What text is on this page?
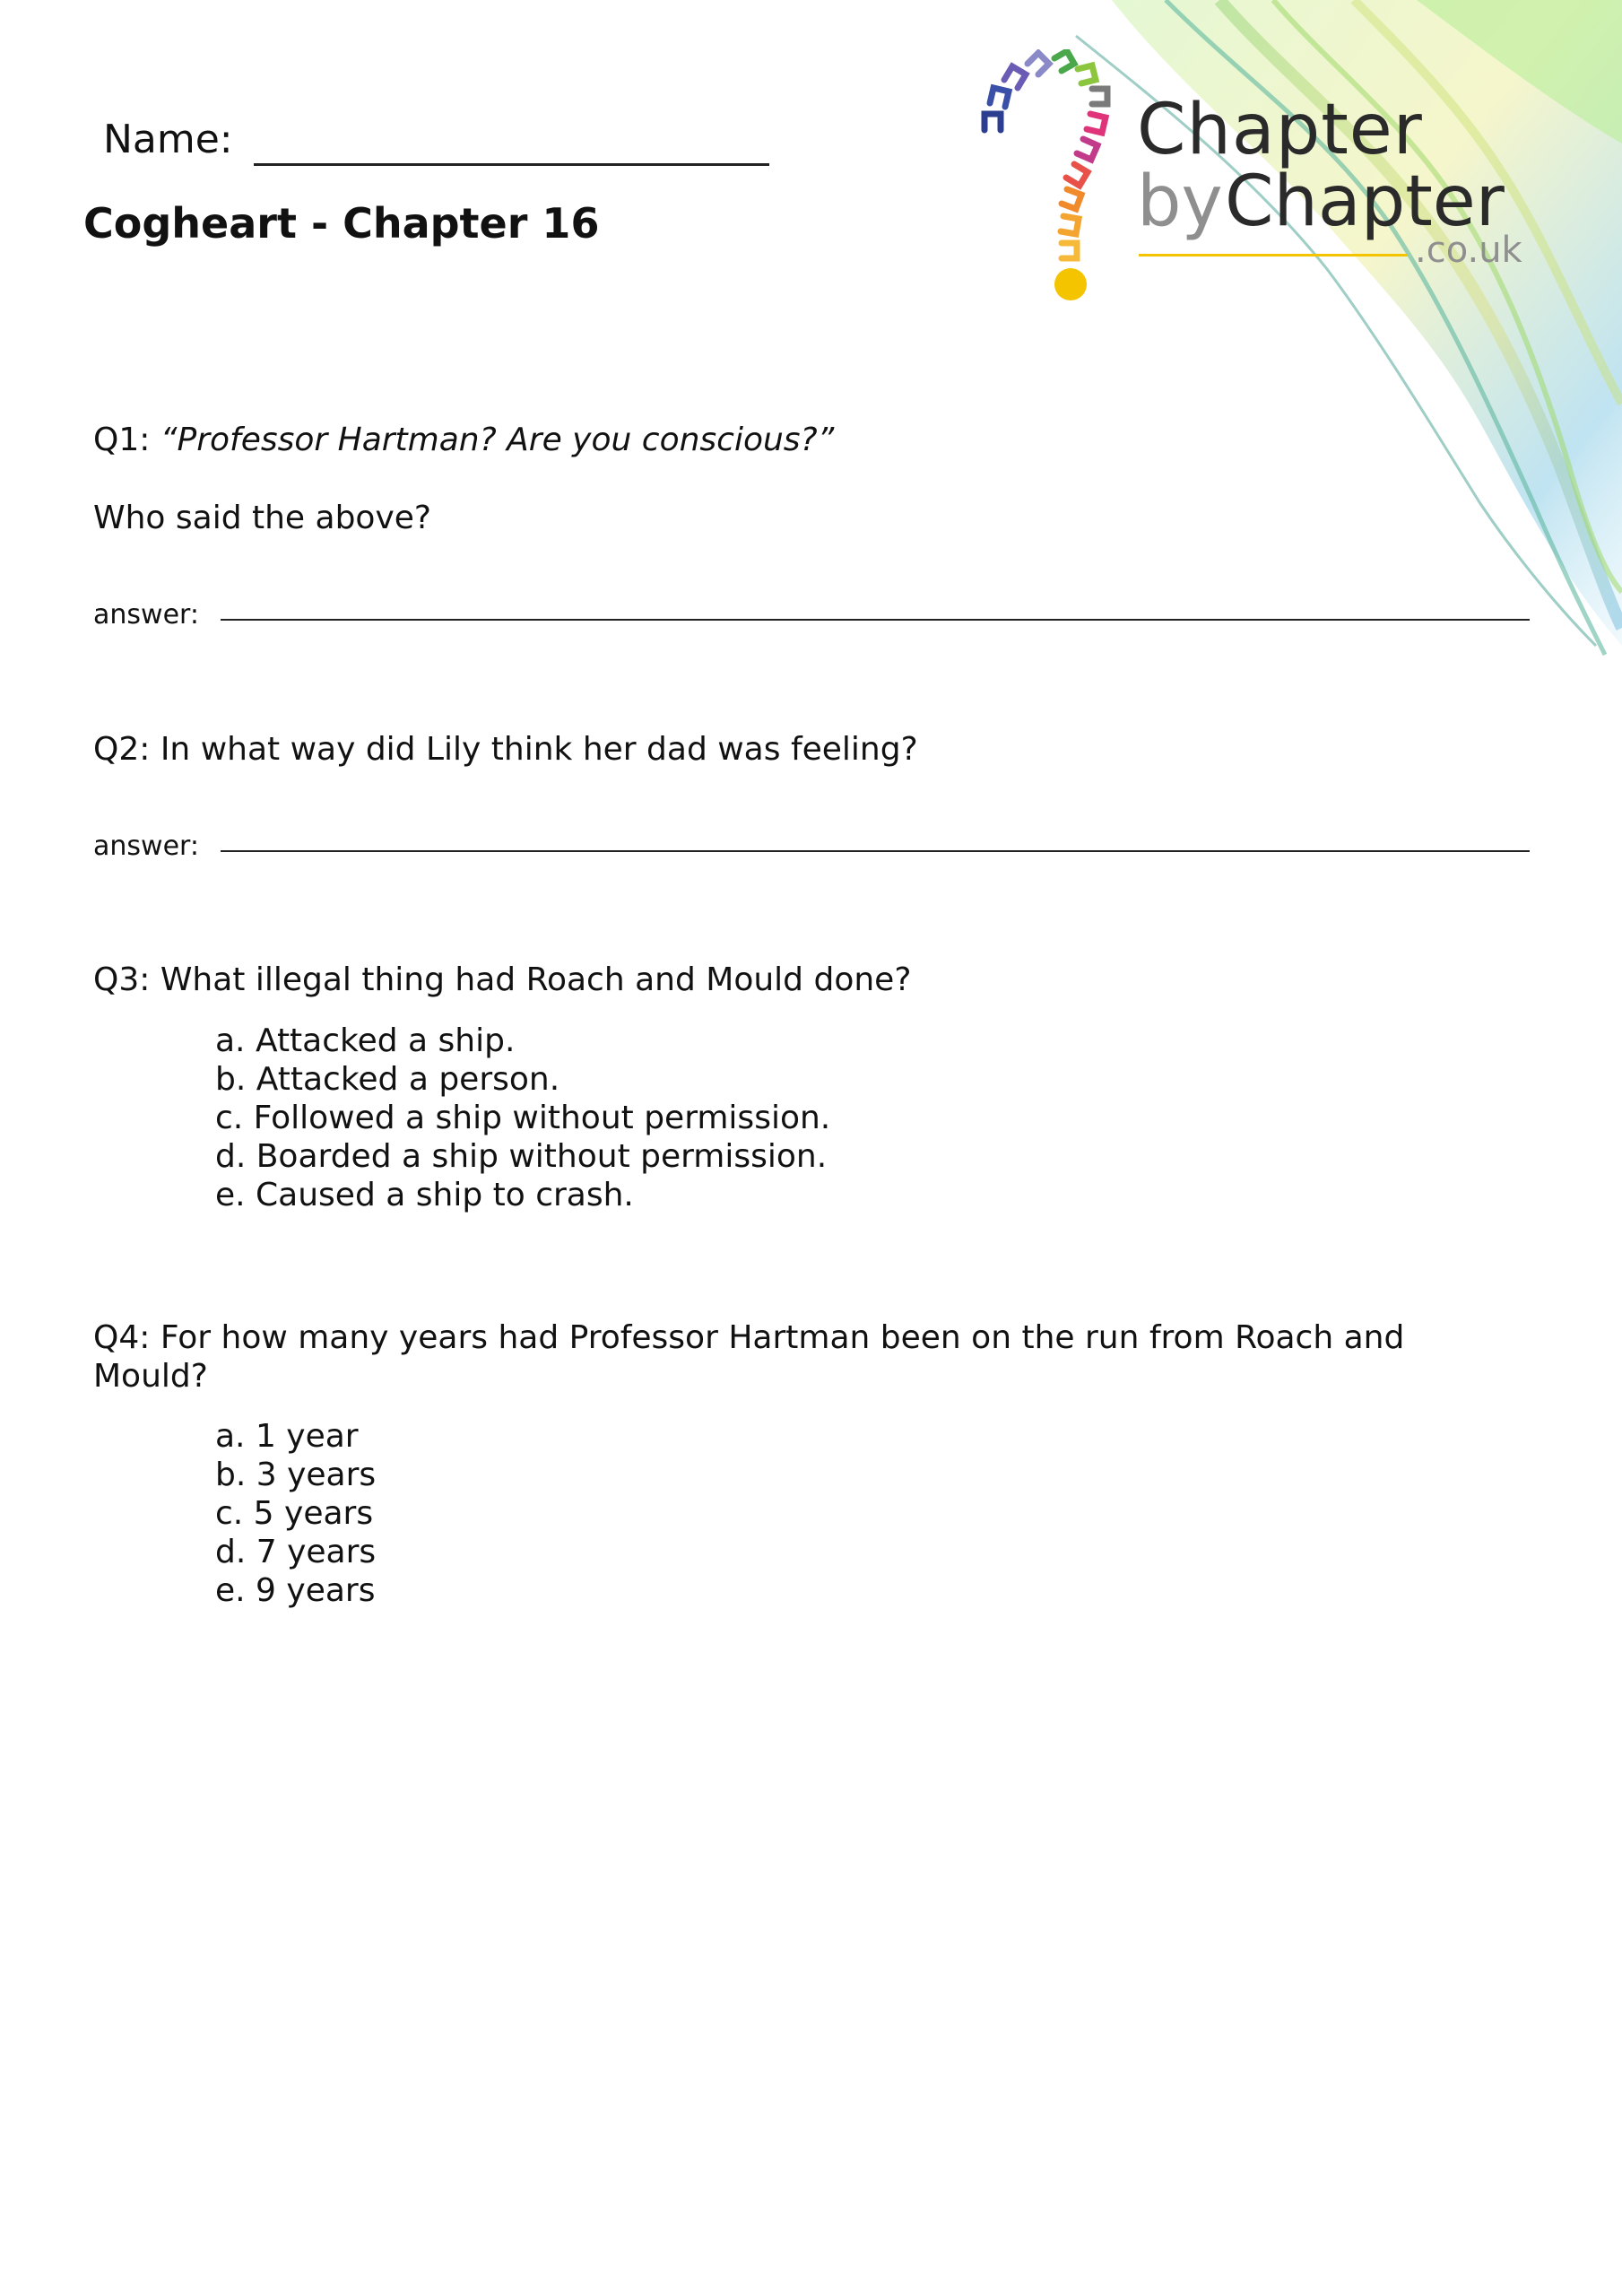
Name:
Cogheart - Chapter 16
Chapter
by Chapter
.co.uk
Q1: “Professor Hartman? Are you conscious?”
Who said the above?
answer:
Q2: In what way did Lily think her dad was feeling?
answer:
Q3: What illegal thing had Roach and Mould done?
a. Attacked a ship.
b. Attacked a person.
c. Followed a ship without permission.
d. Boarded a ship without permission.
e. Caused a ship to crash.
Q4: For how many years had Professor Hartman been on the run from Roach and
Mould?
a. 1 year
b. 3 years
c. 5 years
d. 7 years
e. 9 years
